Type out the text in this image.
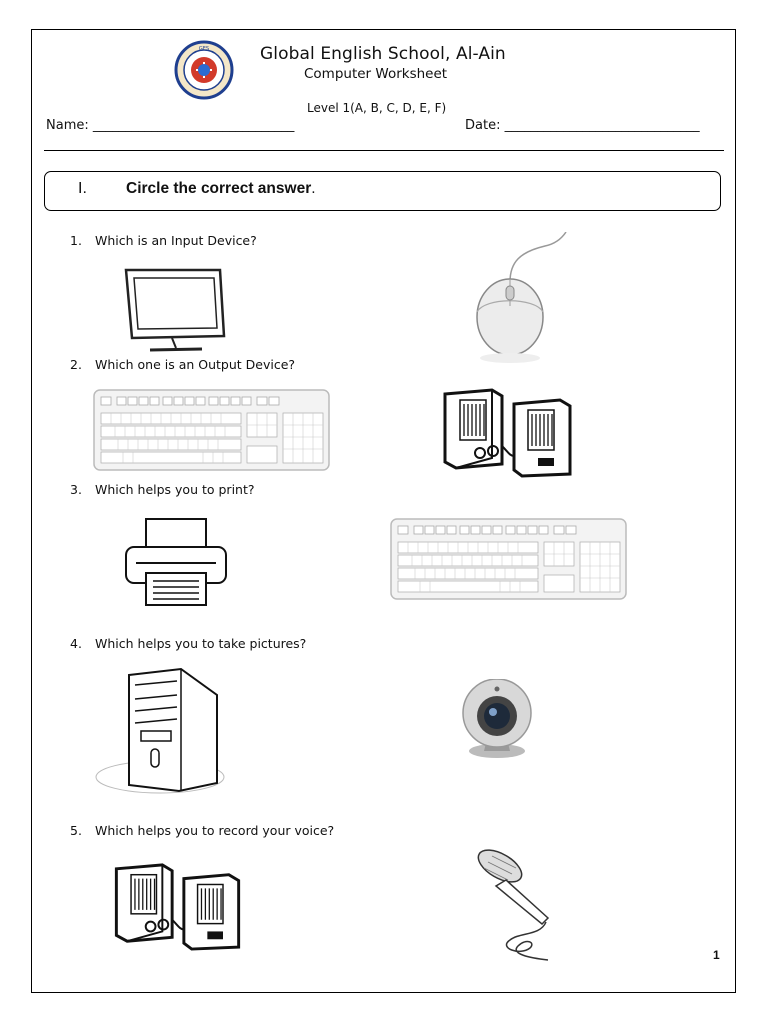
GES	Global English School, Al-Ain
Computer Worksheet
Level 1(A, B, C, D, E, F)
Name: _______________________________	Date: ______________________________
I.	Circle the correct answer.
1. Which is an Input Device?
2. Which one is an Output Device?
3. Which helps you to print?
4. Which helps you to take pictures?
5. Which helps you to record your voice?
1
